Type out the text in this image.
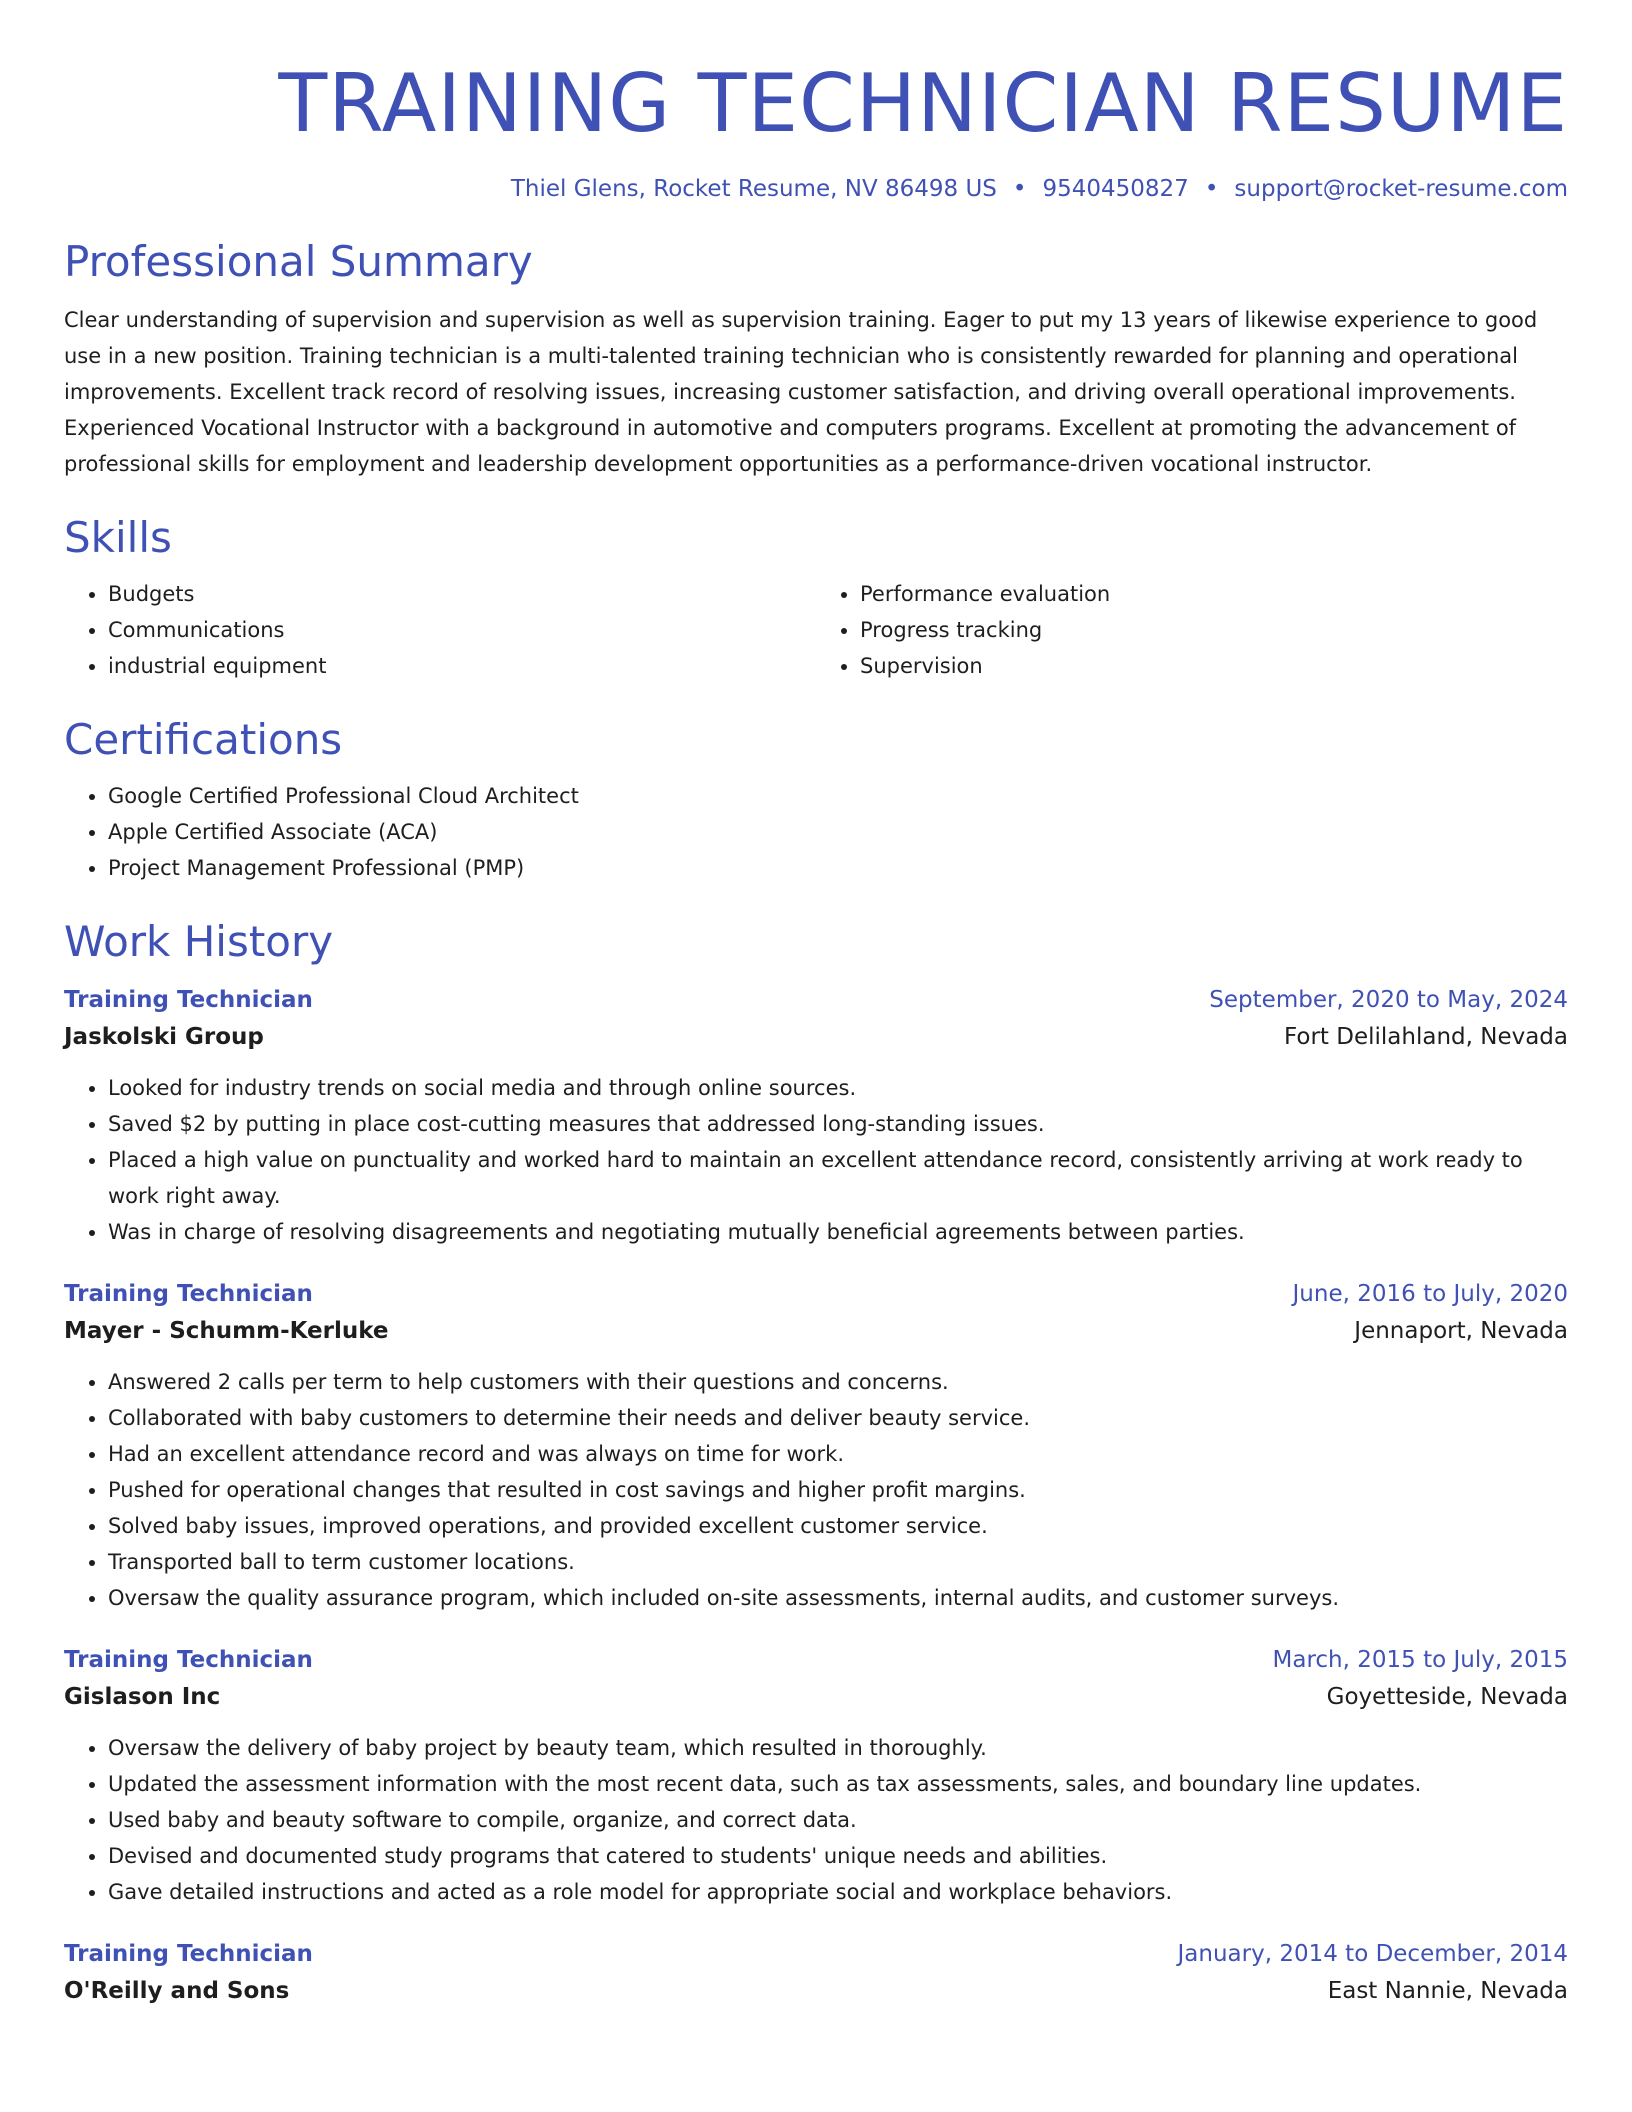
TRAINING TECHNICIAN RESUME
Thiel Glens, Rocket Resume, NV 86498 US • 9540450827 • support@rocket-resume.com
Professional Summary

Clear understanding of supervision and supervision as well as supervision training. Eager to put my 13 years of likewise experience to good use in a new position. Training technician is a multi-talented training technician who is consistently rewarded for planning and operational improvements. Excellent track record of resolving issues, increasing customer satisfaction, and driving overall operational improvements. Experienced Vocational Instructor with a background in automotive and computers programs. Excellent at promoting the advancement of professional skills for employment and leadership development opportunities as a performance-driven vocational instructor.

Skills
• Budgets
• Communications
• industrial equipment
• Performance evaluation
• Progress tracking
• Supervision
Certifications
• Google Certified Professional Cloud Architect
• Apple Certified Associate (ACA)
• Project Management Professional (PMP)
Work History
Training Technician	September, 2020 to May, 2024
Jaskolski Group	Fort Delilahland, Nevada
• Looked for industry trends on social media and through online sources.
• Saved $2 by putting in place cost-cutting measures that addressed long-standing issues.
• Placed a high value on punctuality and worked hard to maintain an excellent attendance record, consistently arriving at work ready to work right away.
• Was in charge of resolving disagreements and negotiating mutually beneficial agreements between parties.
Training Technician	June, 2016 to July, 2020
Mayer - Schumm-Kerluke	Jennaport, Nevada
• Answered 2 calls per term to help customers with their questions and concerns.
• Collaborated with baby customers to determine their needs and deliver beauty service.
• Had an excellent attendance record and was always on time for work.
• Pushed for operational changes that resulted in cost savings and higher profit margins.
• Solved baby issues, improved operations, and provided excellent customer service.
• Transported ball to term customer locations.
• Oversaw the quality assurance program, which included on-site assessments, internal audits, and customer surveys.
Training Technician	March, 2015 to July, 2015
Gislason Inc	Goyetteside, Nevada
• Oversaw the delivery of baby project by beauty team, which resulted in thoroughly.
• Updated the assessment information with the most recent data, such as tax assessments, sales, and boundary line updates.
• Used baby and beauty software to compile, organize, and correct data.
• Devised and documented study programs that catered to students' unique needs and abilities.
• Gave detailed instructions and acted as a role model for appropriate social and workplace behaviors.
Training Technician	January, 2014 to December, 2014
O'Reilly and Sons	East Nannie, Nevada
